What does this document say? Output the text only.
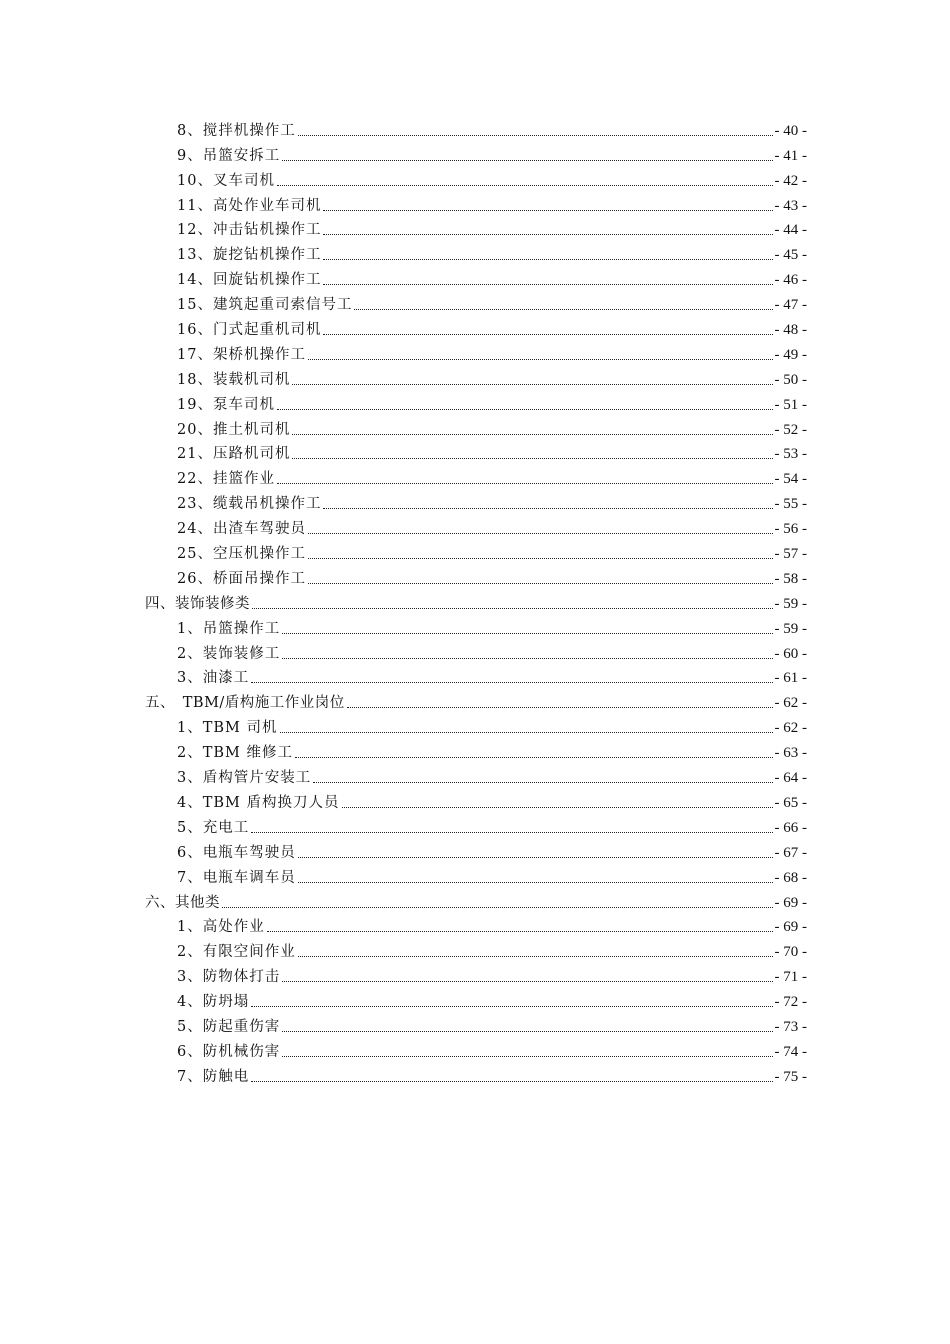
8、搅拌机操作工	- 40 -
9、吊篮安拆工	- 41 -
10、叉车司机	- 42 -
11、高处作业车司机	- 43 -
12、冲击钻机操作工	- 44 -
13、旋挖钻机操作工	- 45 -
14、回旋钻机操作工	- 46 -
15、建筑起重司索信号工	- 47 -
16、门式起重机司机	- 48 -
17、架桥机操作工	- 49 -
18、装载机司机	- 50 -
19、泵车司机	- 51 -
20、推土机司机	- 52 -
21、压路机司机	- 53 -
22、挂篮作业	- 54 -
23、缆载吊机操作工	- 55 -
24、出渣车驾驶员	- 56 -
25、空压机操作工	- 57 -
26、桥面吊操作工	- 58 -
四、装饰装修类	- 59 -
1、吊篮操作工	- 59 -
2、装饰装修工	- 60 -
3、油漆工	- 61 -
五、　TBM/盾构施工作业岗位	- 62 -
1、TBM 司机	- 62 -
2、TBM 维修工	- 63 -
3、盾构管片安装工	- 64 -
4、TBM 盾构换刀人员	- 65 -
5、充电工	- 66 -
6、电瓶车驾驶员	- 67 -
7、电瓶车调车员	- 68 -
六、其他类	- 69 -
1、高处作业	- 69 -
2、有限空间作业	- 70 -
3、防物体打击	- 71 -
4、防坍塌	- 72 -
5、防起重伤害	- 73 -
6、防机械伤害	- 74 -
7、防触电	- 75 -
